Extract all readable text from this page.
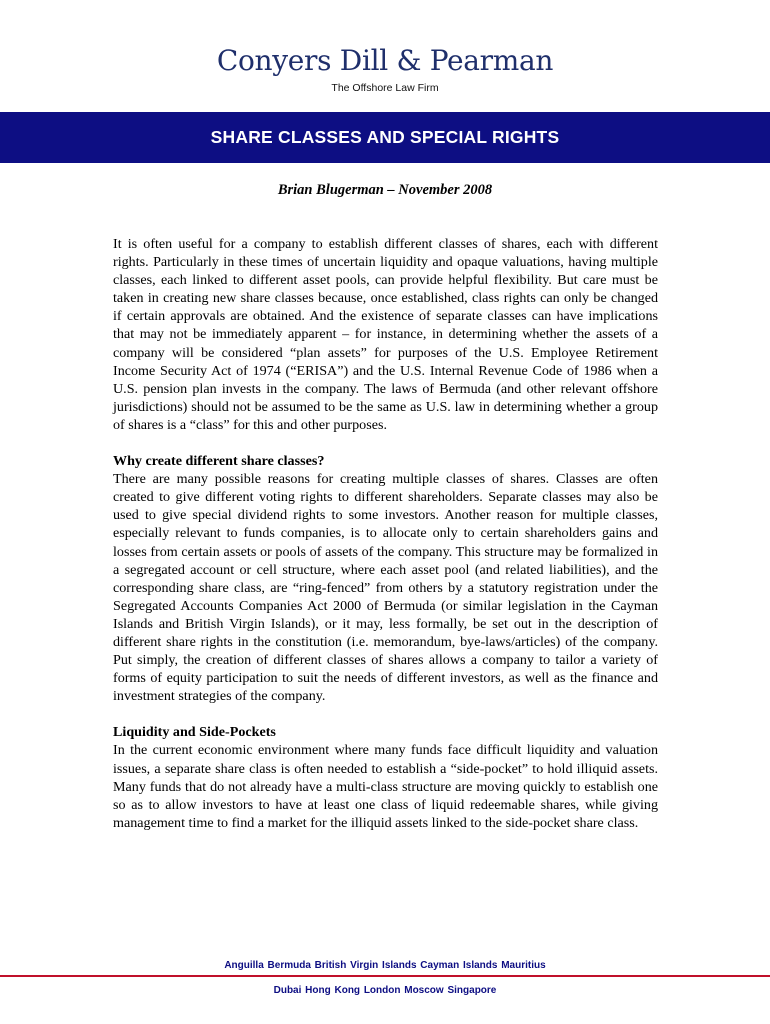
Conyers Dill & Pearman
The Offshore Law Firm
SHARE CLASSES AND SPECIAL RIGHTS
Brian Blugerman – November 2008

It is often useful for a company to establish different classes of shares, each with different rights. Particularly in these times of uncertain liquidity and opaque valuations, having multiple classes, each linked to different asset pools, can provide helpful flexibility. But care must be taken in creating new share classes because, once established, class rights can only be changed if certain approvals are obtained. And the existence of separate classes can have implications that may not be immediately apparent – for instance, in determining whether the assets of a company will be considered “plan assets” for purposes of the U.S. Employee Retirement Income Security Act of 1974 (“ERISA”) and the U.S. Internal Revenue Code of 1986 when a U.S. pension plan invests in the company. The laws of Bermuda (and other relevant offshore jurisdictions) should not be assumed to be the same as U.S. law in determining whether a group of shares is a “class” for this and other purposes.

Why create different share classes?

There are many possible reasons for creating multiple classes of shares. Classes are often created to give different voting rights to different shareholders. Separate classes may also be used to give special dividend rights to some investors. Another reason for multiple classes, especially relevant to funds companies, is to allocate only to certain shareholders gains and losses from certain assets or pools of assets of the company. This structure may be formalized in a segregated account or cell structure, where each asset pool (and related liabilities), and the corresponding share class, are “ring-fenced” from others by a statutory registration under the Segregated Accounts Companies Act 2000 of Bermuda (or similar legislation in the Cayman Islands and British Virgin Islands), or it may, less formally, be set out in the description of different share rights in the constitution (i.e. memorandum, bye-laws/articles) of the company. Put simply, the creation of different classes of shares allows a company to tailor a variety of forms of equity participation to suit the needs of different investors, as well as the finance and investment strategies of the company.

Liquidity and Side-Pockets

In the current economic environment where many funds face difficult liquidity and valuation issues, a separate share class is often needed to establish a “side-pocket” to hold illiquid assets. Many funds that do not already have a multi-class structure are moving quickly to establish one so as to allow investors to have at least one class of liquid redeemable shares, while giving management time to find a market for the illiquid assets linked to the side-pocket share class.

Anguilla Bermuda British Virgin Islands Cayman Islands Mauritius
Dubai Hong Kong London Moscow Singapore
